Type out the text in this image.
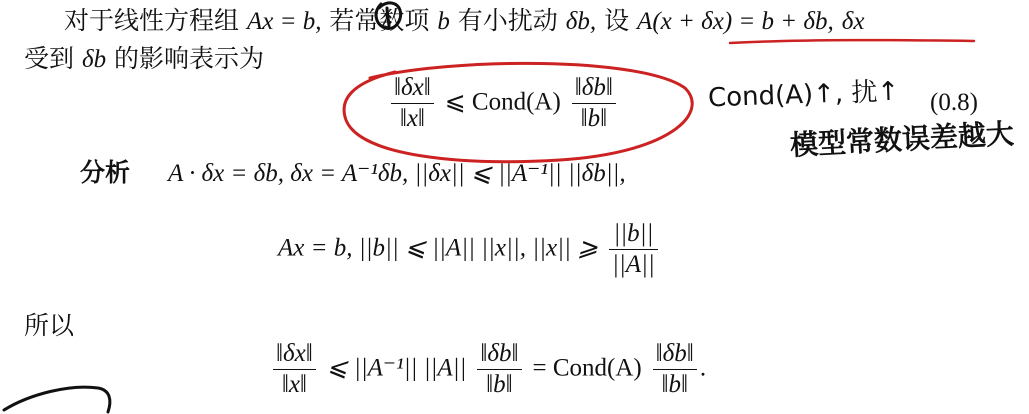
对于线性方程组 Ax = b, 若常数项 b 有小扰动 δb, 设 A(x + δx) = b + δb, δx
受到 δb 的影响表示为
$\frac{‖\delta x‖}{‖x‖}$ ⩽ Cond(A) $\frac{‖\delta b‖}{‖b‖}$	(0.8)
分析 A · δx = δb, δx = A⁻¹δb, ||δx|| ⩽ ||A⁻¹|| ||δb||,
Ax = b, ||b|| ⩽ ||A|| ||x||, ||x|| ⩾ $\frac{||b||}{||A||}$
所以
$\frac{‖\delta x‖}{‖x‖}$ ⩽ ||A⁻¹|| $||A|| \frac{‖\delta b‖}{‖b‖}$ = Cond(A) $\frac{‖\delta b‖}{‖b‖}$ .
Cond(A)↑, 扰↑
模型常数误差越大
